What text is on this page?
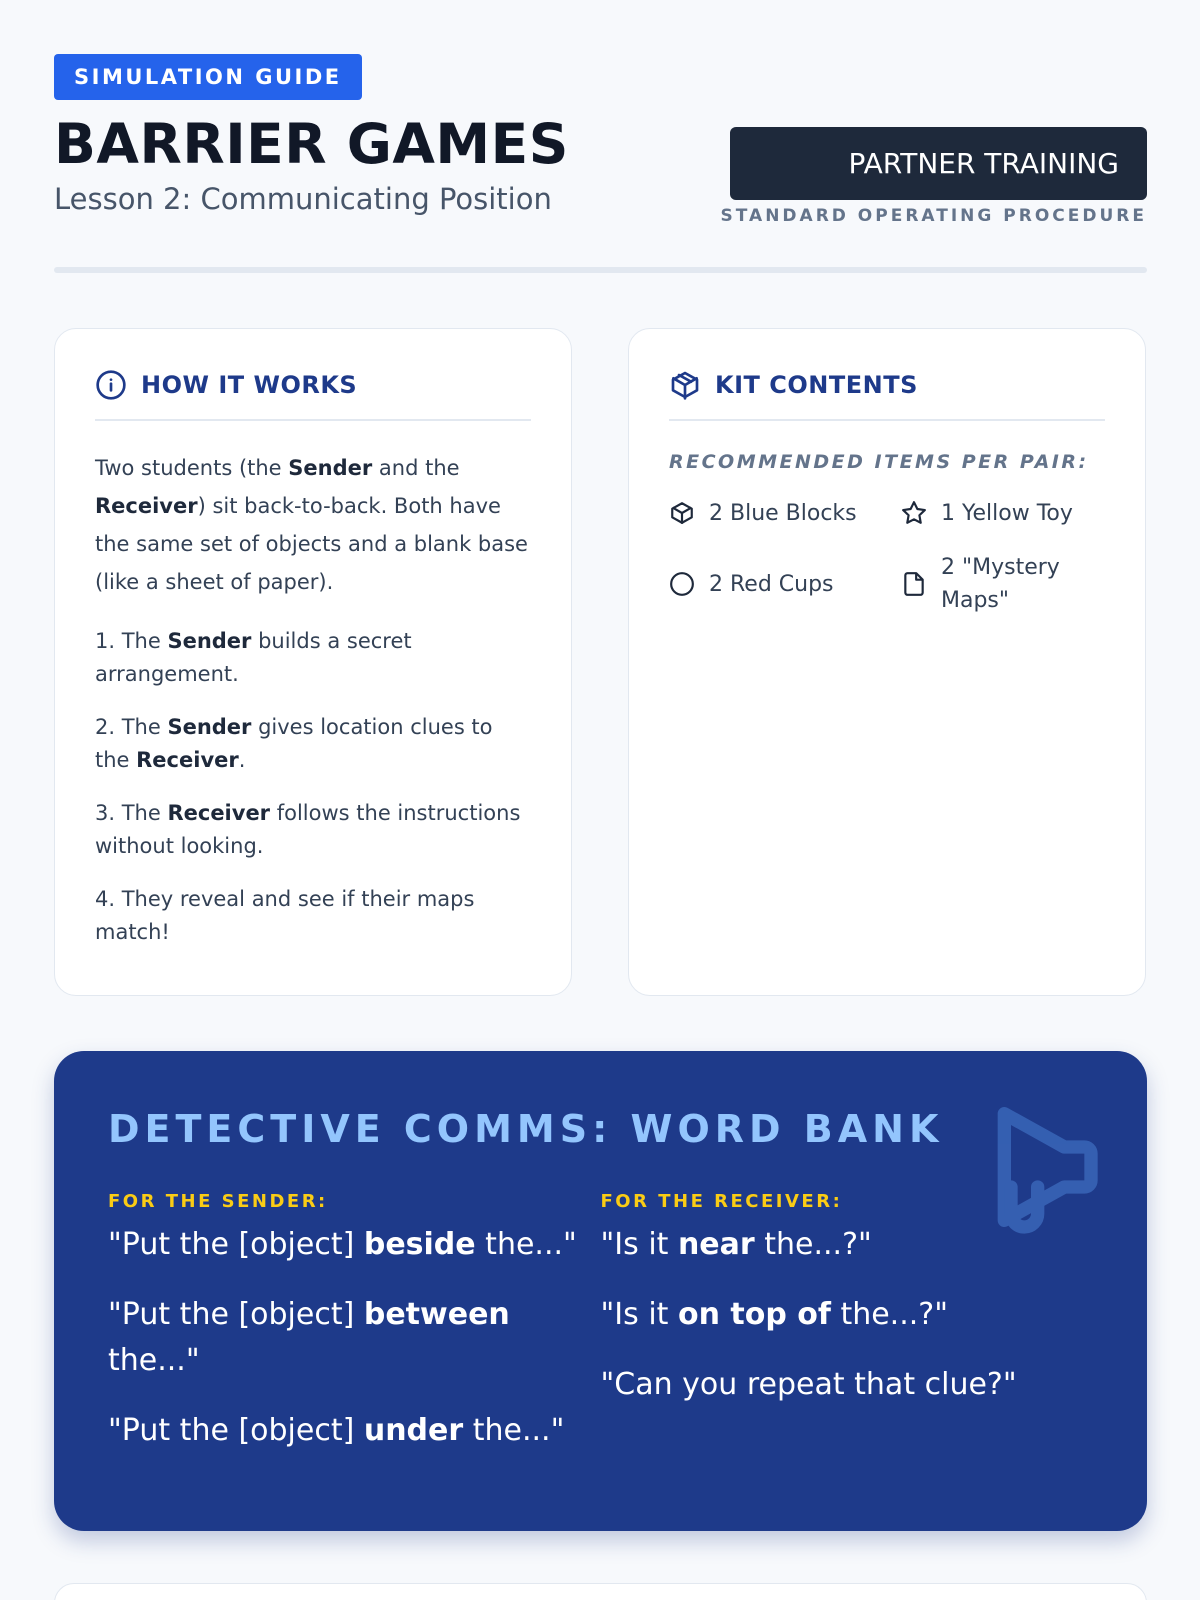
SIMULATION GUIDE
BARRIER GAMES
Lesson 2: Communicating Position
PARTNER TRAINING
STANDARD OPERATING PROCEDURE
HOW IT WORKS

Two students (the Sender and the Receiver) sit back-to-back. Both have the same set of objects and a blank base (like a sheet of paper).

1. The Sender builds a secret arrangement.

2. The Sender gives location clues to the Receiver.

3. The Receiver follows the instructions without looking.

4. They reveal and see if their maps match!

KIT CONTENTS
RECOMMENDED ITEMS PER PAIR:
2 Blue Blocks	1 Yellow Toy
2 Red Cups
2 "Mystery Maps"
DETECTIVE COMMS: WORD BANK
FOR THE SENDER:

"Put the [object] beside the..."

"Put the [object] between the..."

"Put the [object] under the..."

FOR THE RECEIVER:

"Is it near the...?"

"Is it on top of the...?"

"Can you repeat that clue?"
